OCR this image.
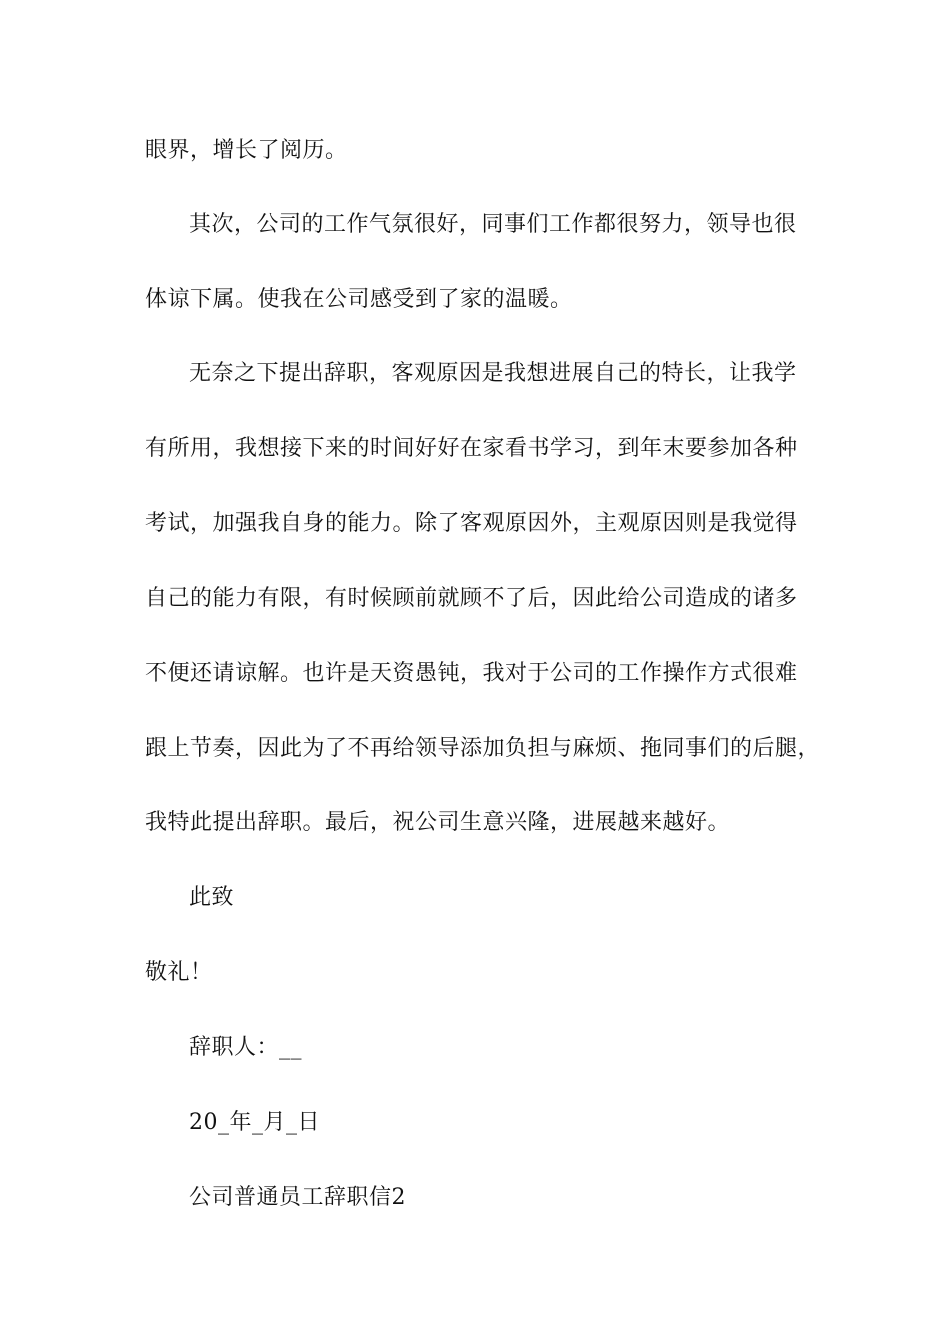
眼界，增长了阅历。
其次，公司的工作气氛很好，同事们工作都很努力，领导也很
体谅下属。使我在公司感受到了家的温暖。
无奈之下提出辞职，客观原因是我想进展自己的特长，让我学
有所用，我想接下来的时间好好在家看书学习，到年末要参加各种
考试，加强我自身的能力。除了客观原因外，主观原因则是我觉得
自己的能力有限，有时候顾前就顾不了后，因此给公司造成的诸多
不便还请谅解。也许是天资愚钝，我对于公司的工作操作方式很难
跟上节奏，因此为了不再给领导添加负担与麻烦、拖同事们的后腿，
我特此提出辞职。最后，祝公司生意兴隆，进展越来越好。
此致
敬礼！
辞职人：__
20_年_月_日
公司普通员工辞职信2
